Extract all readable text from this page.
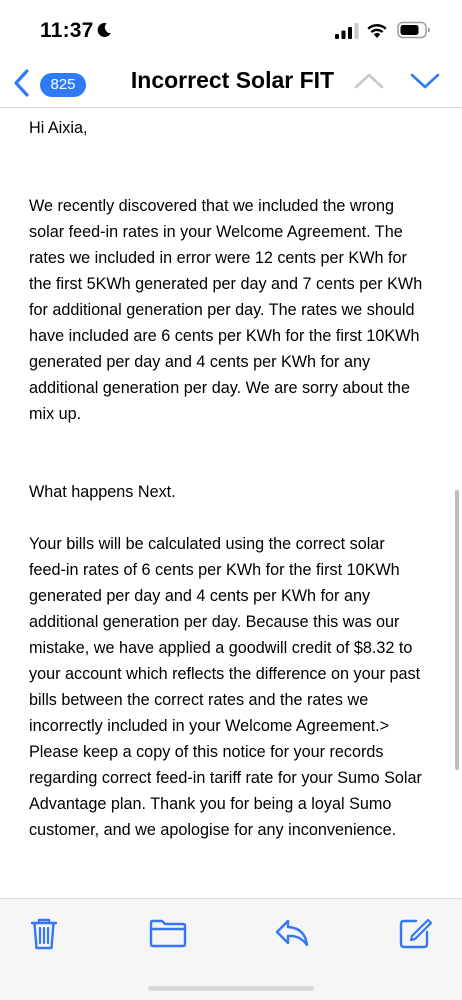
11:37
825	Incorrect Solar FIT
Hi Aixia,
We recently discovered that we included the wrong
solar feed-in rates in your Welcome Agreement. The
rates we included in error were 12 cents per KWh for
the first 5KWh generated per day and 7 cents per KWh
for additional generation per day. The rates we should
have included are 6 cents per KWh for the first 10KWh
generated per day and 4 cents per KWh for any
additional generation per day. We are sorry about the
mix up.
What happens Next.
Your bills will be calculated using the correct solar
feed-in rates of 6 cents per KWh for the first 10KWh
generated per day and 4 cents per KWh for any
additional generation per day. Because this was our
mistake, we have applied a goodwill credit of $8.32 to
your account which reflects the difference on your past
bills between the correct rates and the rates we
incorrectly included in your Welcome Agreement.>
Please keep a copy of this notice for your records
regarding correct feed-in tariff rate for your Sumo Solar
Advantage plan. Thank you for being a loyal Sumo
customer, and we apologise for any inconvenience.
